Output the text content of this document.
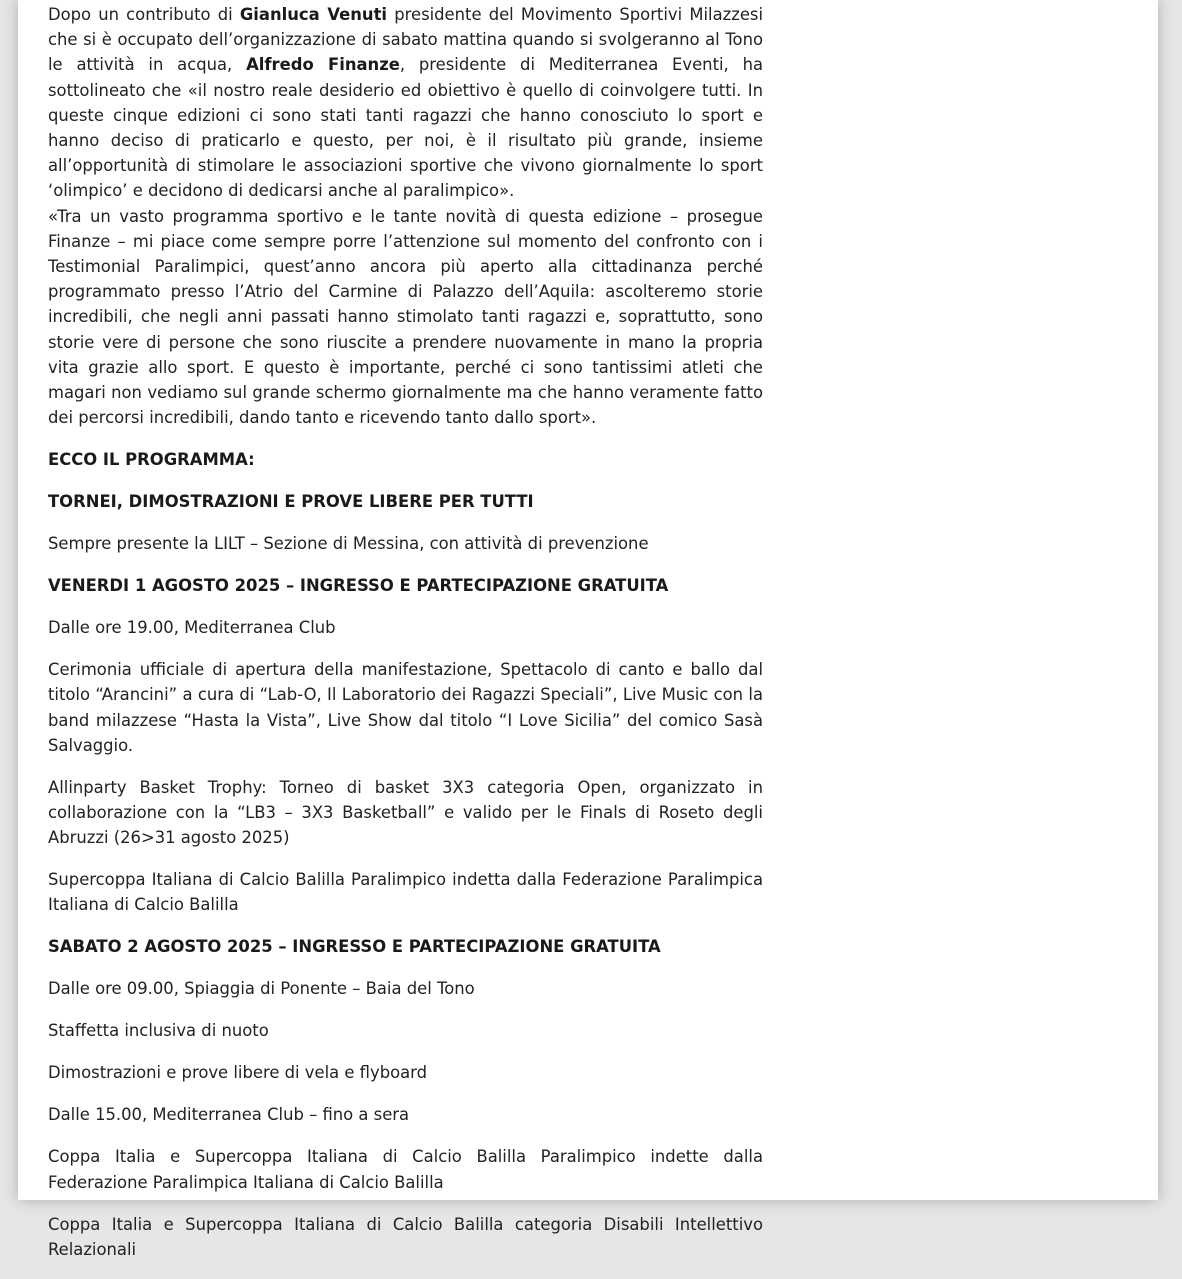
Dopo un contributo di Gianluca Venuti presidente del Movimento Sportivi Milazzesi che si è occupato dell’organizzazione di sabato mattina quando si svolgeranno al Tono le attività in acqua, Alfredo Finanze, presidente di Mediterranea Eventi, ha sottolineato che «il nostro reale desiderio ed obiettivo è quello di coinvolgere tutti. In queste cinque edizioni ci sono stati tanti ragazzi che hanno conosciuto lo sport e hanno deciso di praticarlo e questo, per noi, è il risultato più grande, insieme all’opportunità di stimolare le associazioni sportive che vivono giornalmente lo sport ‘olimpico’ e decidono di dedicarsi anche al paralimpico».

«Tra un vasto programma sportivo e le tante novità di questa edizione – prosegue Finanze – mi piace come sempre porre l’attenzione sul momento del confronto con i Testimonial Paralimpici, quest’anno ancora più aperto alla cittadinanza perché programmato presso l’Atrio del Carmine di Palazzo dell’Aquila: ascolteremo storie incredibili, che negli anni passati hanno stimolato tanti ragazzi e, soprattutto, sono storie vere di persone che sono riuscite a prendere nuovamente in mano la propria vita grazie allo sport. E questo è importante, perché ci sono tantissimi atleti che magari non vediamo sul grande schermo giornalmente ma che hanno veramente fatto dei percorsi incredibili, dando tanto e ricevendo tanto dallo sport».

ECCO IL PROGRAMMA:

TORNEI, DIMOSTRAZIONI E PROVE LIBERE PER TUTTI

Sempre presente la LILT – Sezione di Messina, con attività di prevenzione

VENERDI 1 AGOSTO 2025 – INGRESSO E PARTECIPAZIONE GRATUITA

Dalle ore 19.00, Mediterranea Club

Cerimonia ufficiale di apertura della manifestazione, Spettacolo di canto e ballo dal titolo “Arancini” a cura di “Lab-O, Il Laboratorio dei Ragazzi Speciali”, Live Music con la band milazzese “Hasta la Vista”, Live Show dal titolo “I Love Sicilia” del comico Sasà Salvaggio.

Allinparty Basket Trophy: Torneo di basket 3X3 categoria Open, organizzato in collaborazione con la “LB3 – 3X3 Basketball” e valido per le Finals di Roseto degli Abruzzi (26>31 agosto 2025)

Supercoppa Italiana di Calcio Balilla Paralimpico indetta dalla Federazione Paralimpica Italiana di Calcio Balilla

SABATO 2 AGOSTO 2025 – INGRESSO E PARTECIPAZIONE GRATUITA

Dalle ore 09.00, Spiaggia di Ponente – Baia del Tono

Staffetta inclusiva di nuoto

Dimostrazioni e prove libere di vela e flyboard

Dalle 15.00, Mediterranea Club – fino a sera

Coppa Italia e Supercoppa Italiana di Calcio Balilla Paralimpico indette dalla Federazione Paralimpica Italiana di Calcio Balilla

Coppa Italia e Supercoppa Italiana di Calcio Balilla categoria Disabili Intellettivo Relazionali
